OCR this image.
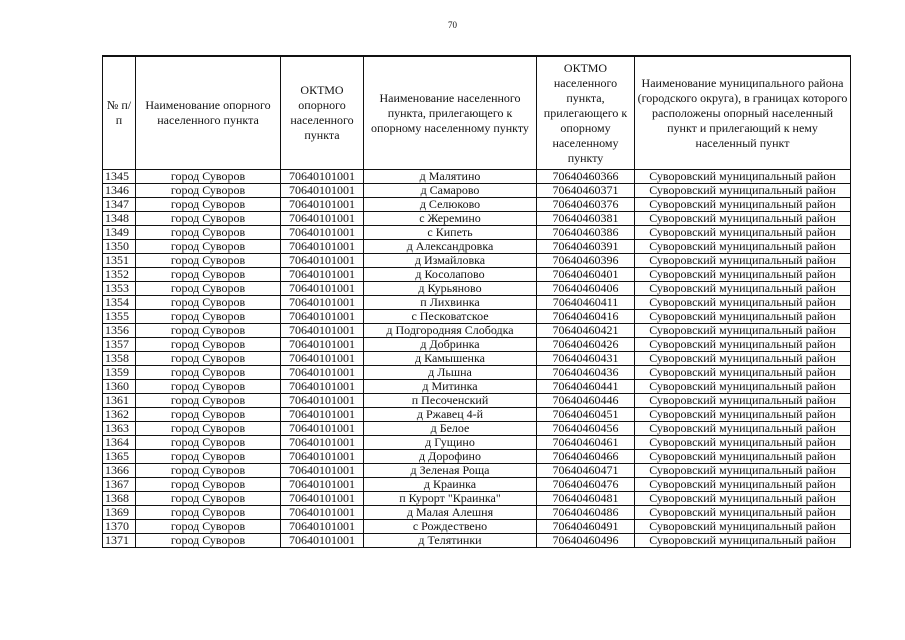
70
№ п/п	Наименование опорного населенного пункта	ОКТМО опорного населенного пункта	Наименование населенного пункта, прилегающего к опорному населенному пункту	ОКТМО населенного пункта, прилегающего к опорному населенному пункту	Наименование муниципального района (городского округа), в границах которого расположены опорный населенный пункт и прилегающий к нему населенный пункт
1345	город Суворов	70640101001	д Малятино	70640460366	Суворовский муниципальный район
1346	город Суворов	70640101001	д Самарово	70640460371	Суворовский муниципальный район
1347	город Суворов	70640101001	д Селюково	70640460376	Суворовский муниципальный район
1348	город Суворов	70640101001	с Жеремино	70640460381	Суворовский муниципальный район
1349	город Суворов	70640101001	с Кипеть	70640460386	Суворовский муниципальный район
1350	город Суворов	70640101001	д Александровка	70640460391	Суворовский муниципальный район
1351	город Суворов	70640101001	д Измайловка	70640460396	Суворовский муниципальный район
1352	город Суворов	70640101001	д Косолапово	70640460401	Суворовский муниципальный район
1353	город Суворов	70640101001	д Курьяново	70640460406	Суворовский муниципальный район
1354	город Суворов	70640101001	п Лихвинка	70640460411	Суворовский муниципальный район
1355	город Суворов	70640101001	с Песковатское	70640460416	Суворовский муниципальный район
1356	город Суворов	70640101001	д Подгородняя Слободка	70640460421	Суворовский муниципальный район
1357	город Суворов	70640101001	д Добринка	70640460426	Суворовский муниципальный район
1358	город Суворов	70640101001	д Камышенка	70640460431	Суворовский муниципальный район
1359	город Суворов	70640101001	д Льшна	70640460436	Суворовский муниципальный район
1360	город Суворов	70640101001	д Митинка	70640460441	Суворовский муниципальный район
1361	город Суворов	70640101001	п Песоченский	70640460446	Суворовский муниципальный район
1362	город Суворов	70640101001	д Ржавец 4-й	70640460451	Суворовский муниципальный район
1363	город Суворов	70640101001	д Белое	70640460456	Суворовский муниципальный район
1364	город Суворов	70640101001	д Гущино	70640460461	Суворовский муниципальный район
1365	город Суворов	70640101001	д Дорофино	70640460466	Суворовский муниципальный район
1366	город Суворов	70640101001	д Зеленая Роща	70640460471	Суворовский муниципальный район
1367	город Суворов	70640101001	д Краинка	70640460476	Суворовский муниципальный район
1368	город Суворов	70640101001	п Курорт "Краинка"	70640460481	Суворовский муниципальный район
1369	город Суворов	70640101001	д Малая Алешня	70640460486	Суворовский муниципальный район
1370	город Суворов	70640101001	с Рождествено	70640460491	Суворовский муниципальный район
1371	город Суворов	70640101001	д Телятинки	70640460496	Суворовский муниципальный район
